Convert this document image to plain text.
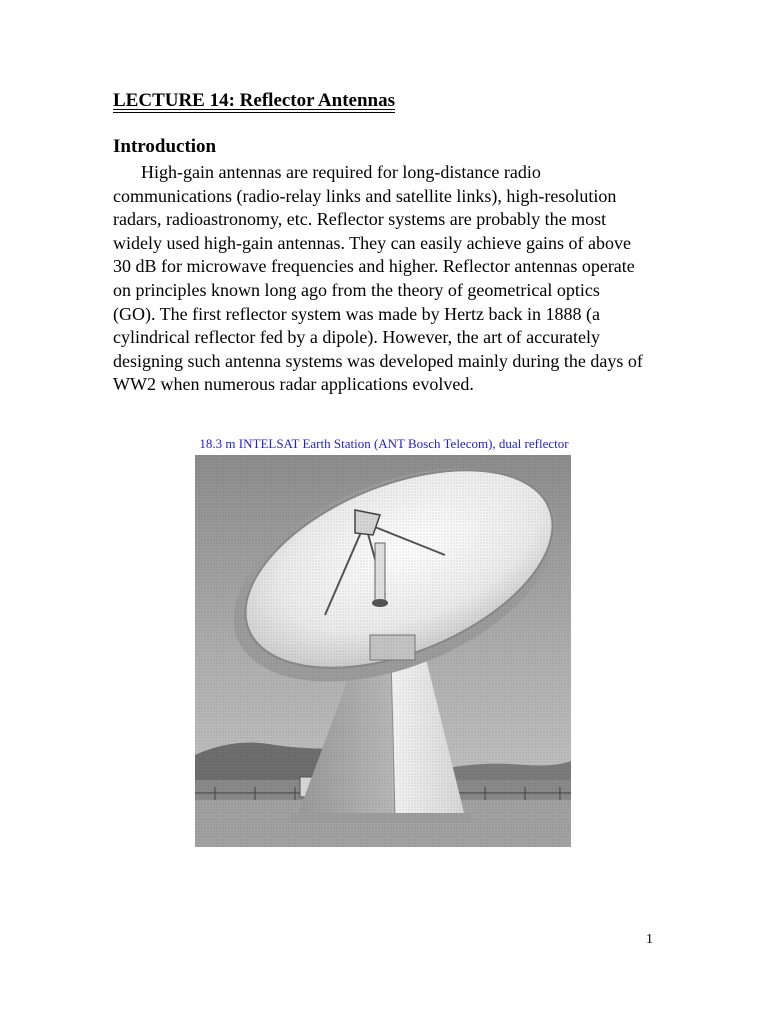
LECTURE 14: Reflector Antennas
Introduction

High-gain antennas are required for long-distance radio communications (radio-relay links and satellite links), high-resolution radars, radioastronomy, etc. Reflector systems are probably the most widely used high-gain antennas. They can easily achieve gains of above 30 dB for microwave frequencies and higher. Reflector antennas operate on principles known long ago from the theory of geometrical optics (GO). The first reflector system was made by Hertz back in 1888 (a cylindrical reflector fed by a dipole). However, the art of accurately designing such antenna systems was developed mainly during the days of WW2 when numerous radar applications evolved.

18.3 m INTELSAT Earth Station (ANT Bosch Telecom), dual reflector

1
